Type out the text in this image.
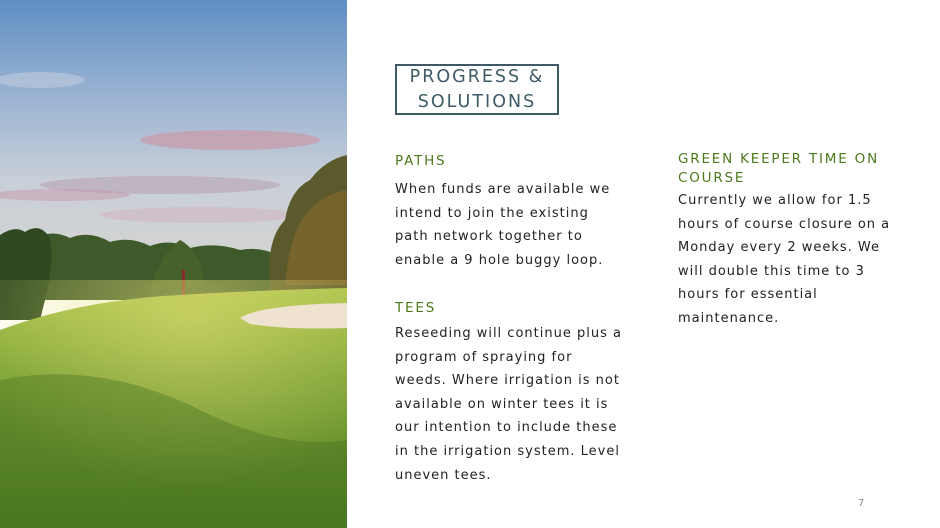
PROGRESS &
SOLUTIONS
PATHS
When funds are available we
intend to join the existing
path network together to
enable a 9 hole buggy loop.
TEES
Reseeding will continue plus a
program of spraying for
weeds. Where irrigation is not
available on winter tees it is
our intention to include these
in the irrigation system. Level
uneven tees.
GREEN KEEPER TIME ON
COURSE
Currently we allow for 1.5
hours of course closure on a
Monday every 2 weeks. We
will double this time to 3
hours for essential
maintenance.
7
